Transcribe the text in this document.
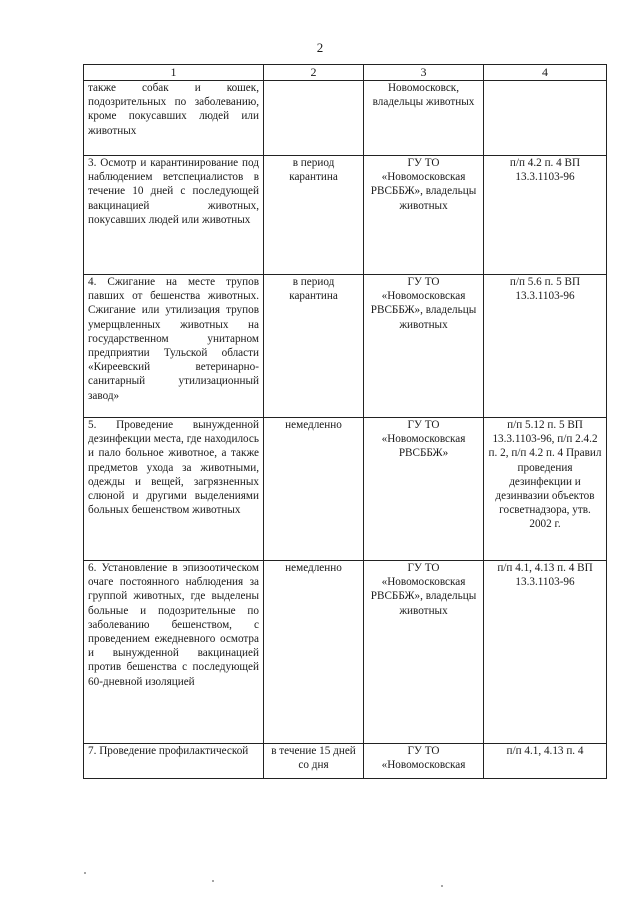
2
1	2	3	4
также собак и кошек, подозрительных по заболеванию, кроме покусавших людей или животных		Новомосковск, владельцы животных	
3. Осмотр и карантинирование под наблюдением ветспециалистов в течение 10 дней с последующей вакцинацией животных, покусавших людей или животных	в период карантина	ГУ ТО «Новомосковская РВСББЖ», владельцы животных	п/п 4.2 п. 4 ВП 13.3.1103-96
4. Сжигание на месте трупов павших от бешенства животных. Сжигание или утилизация трупов умерщвленных животных на государственном унитарном предприятии Тульской области «Киреевский ветеринарно-санитарный утилизационный завод»	в период карантина	ГУ ТО «Новомосковская РВСББЖ», владельцы животных	п/п 5.6 п. 5 ВП 13.3.1103-96
5. Проведение вынужденной дезинфекции места, где находилось и пало больное животное, а также предметов ухода за животными, одежды и вещей, загрязненных слюной и другими выделениями больных бешенством животных	немедленно	ГУ ТО «Новомосковская РВСББЖ»	п/п 5.12 п. 5 ВП 13.3.1103-96, п/п 2.4.2 п. 2, п/п 4.2 п. 4 Правил проведения дезинфекции и дезинвазии объектов госветнадзора, утв. 2002 г.
6. Установление в эпизоотическом очаге постоянного наблюдения за группой животных, где выделены больные и подозрительные по заболеванию бешенством, с проведением ежедневного осмотра и вынужденной вакцинацией против бешенства с последующей 60-дневной изоляцией	немедленно	ГУ ТО «Новомосковская РВСББЖ», владельцы животных	п/п 4.1, 4.13 п. 4 ВП 13.3.1103-96
7. Проведение профилактической	в течение 15 дней со дня	ГУ ТО «Новомосковская	п/п 4.1, 4.13 п. 4
